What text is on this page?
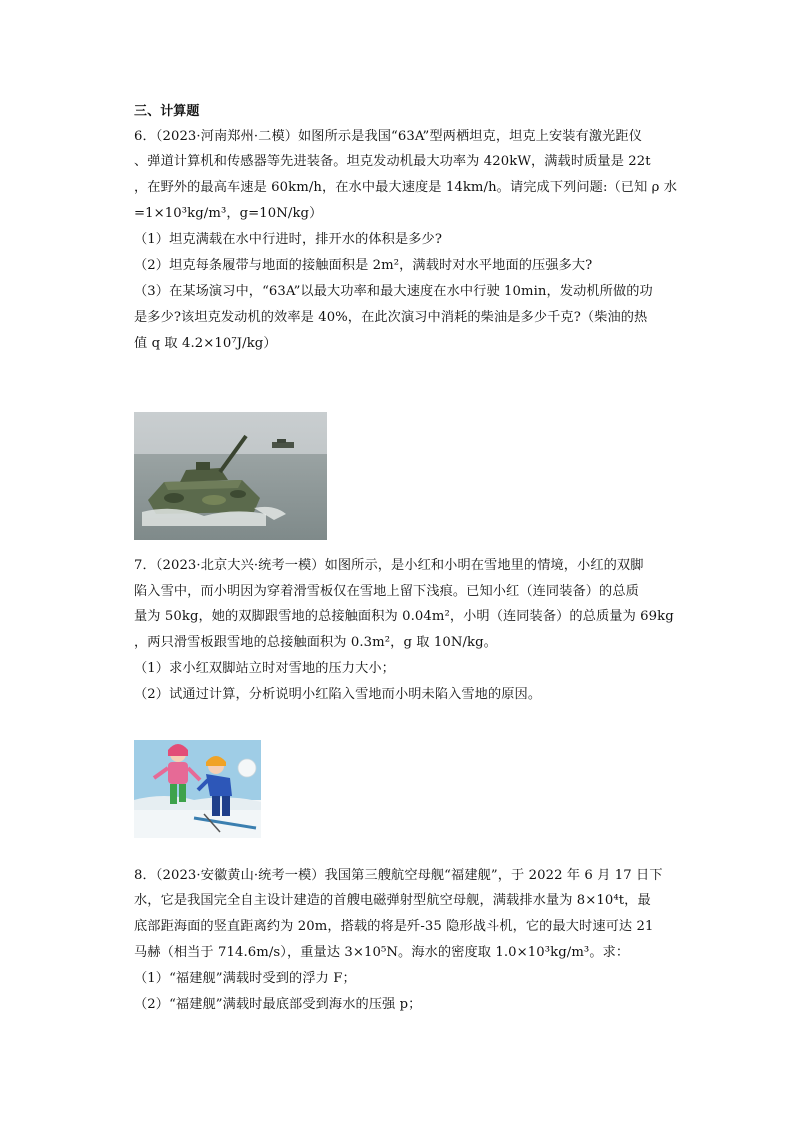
三、计算题
6．（2023·河南郑州·二模）如图所示是我国“63A”型两栖坦克，坦克上安装有激光距仪
、弹道计算机和传感器等先进装备。坦克发动机最大功率为 420kW，满载时质量是 22t
，在野外的最高车速是 60km/h，在水中最大速度是 14km/h。请完成下列问题:（已知 ρ 水
=1×10³kg/m³，g=10N/kg）
（1）坦克满载在水中行进时，排开水的体积是多少?
（2）坦克每条履带与地面的接触面积是 2m²，满载时对水平地面的压强多大?
（3）在某场演习中，“63A”以最大功率和最大速度在水中行驶 10min，发动机所做的功
是多少?该坦克发动机的效率是 40%，在此次演习中消耗的柴油是多少千克?（柴油的热
值 q 取 4.2×10⁷J/kg）
7．（2023·北京大兴·统考一模）如图所示，是小红和小明在雪地里的情境，小红的双脚
陷入雪中，而小明因为穿着滑雪板仅在雪地上留下浅痕。已知小红（连同装备）的总质
量为 50kg，她的双脚跟雪地的总接触面积为 0.04m²，小明（连同装备）的总质量为 69kg
，两只滑雪板跟雪地的总接触面积为 0.3m²，g 取 10N/kg。
（1）求小红双脚站立时对雪地的压力大小；
（2）试通过计算，分析说明小红陷入雪地而小明未陷入雪地的原因。
8．（2023·安徽黄山·统考一模）我国第三艘航空母舰“福建舰”，于 2022 年 6 月 17 日下
水，它是我国完全自主设计建造的首艘电磁弹射型航空母舰，满载排水量为 8×10⁴t，最
底部距海面的竖直距离约为 20m，搭载的将是歼-35 隐形战斗机，它的最大时速可达 21
马赫（相当于 714.6m/s），重量达 3×10⁵N。海水的密度取 1.0×10³kg/m³。求：
（1）“福建舰”满载时受到的浮力 F；
（2）“福建舰”满载时最底部受到海水的压强 p；
